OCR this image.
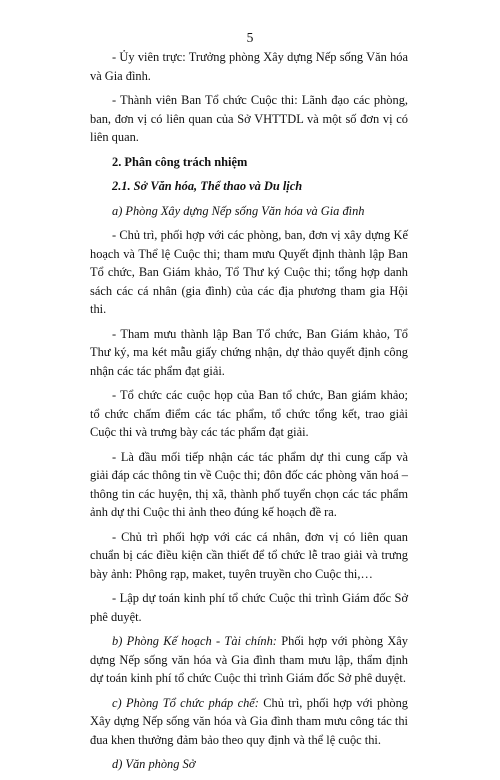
5

- Ủy viên trực: Trưởng phòng Xây dựng Nếp sống Văn hóa và Gia đình.

- Thành viên Ban Tổ chức Cuộc thi: Lãnh đạo các phòng, ban, đơn vị có liên quan của Sở VHTTDL và một số đơn vị có liên quan.

2. Phân công trách nhiệm

2.1. Sở Văn hóa, Thể thao và Du lịch

a) Phòng Xây dựng Nếp sống Văn hóa và Gia đình

- Chủ trì, phối hợp với các phòng, ban, đơn vị xây dựng Kế hoạch và Thể lệ Cuộc thi; tham mưu Quyết định thành lập Ban Tổ chức, Ban Giám khảo, Tổ Thư ký Cuộc thi; tổng hợp danh sách các cá nhân (gia đình) của các địa phương tham gia Hội thi.

- Tham mưu thành lập Ban Tổ chức, Ban Giám khảo, Tổ Thư ký, ma két mẫu giấy chứng nhận, dự thảo quyết định công nhận các tác phẩm đạt giải.

- Tổ chức các cuộc họp của Ban tổ chức, Ban giám khảo; tổ chức chấm điểm các tác phẩm, tổ chức tổng kết, trao giải Cuộc thi và trưng bày các tác phẩm đạt giải.

- Là đầu mối tiếp nhận các tác phẩm dự thi cung cấp và giải đáp các thông tin về Cuộc thi; đôn đốc các phòng văn hoá – thông tin các huyện, thị xã, thành phố tuyển chọn các tác phẩm ảnh dự thi Cuộc thi ảnh theo đúng kế hoạch đề ra.

- Chủ trì phối hợp với các cá nhân, đơn vị có liên quan chuẩn bị các điều kiện cần thiết để tổ chức lễ trao giải và trưng bày ảnh: Phông rạp, maket, tuyên truyền cho Cuộc thi,…

- Lập dự toán kinh phí tổ chức Cuộc thi trình Giám đốc Sở phê duyệt.

b) Phòng Kế hoạch - Tài chính: Phối hợp với phòng Xây dựng Nếp sống văn hóa và Gia đình tham mưu lập, thẩm định dự toán kinh phí tổ chức Cuộc thi trình Giám đốc Sở phê duyệt.

c) Phòng Tổ chức pháp chế: Chủ trì, phối hợp với phòng Xây dựng Nếp sống văn hóa và Gia đình tham mưu công tác thi đua khen thưởng đảm bảo theo quy định và thể lệ cuộc thi.

d) Văn phòng Sở
